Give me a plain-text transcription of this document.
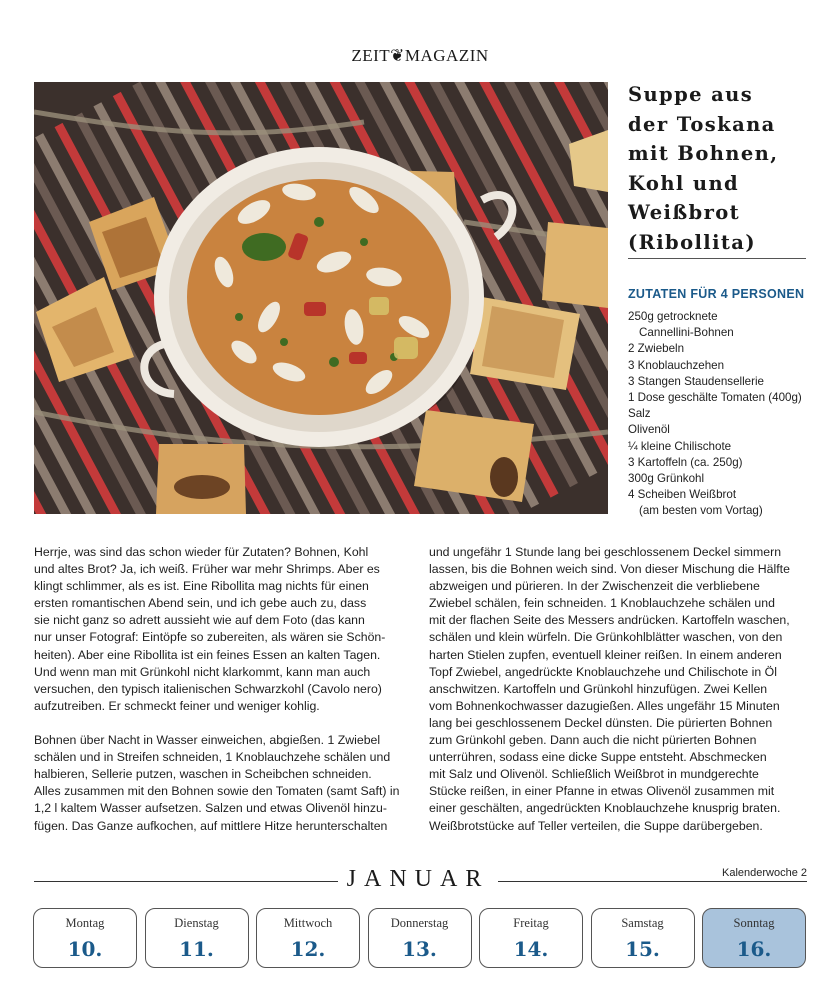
ZEIT❦MAGAZIN
Suppe aus
der Toskana
mit Bohnen,
Kohl und
Weißbrot
(Ribollita)
ZUTATEN FÜR 4 PERSONEN
250g getrocknete
Cannellini-Bohnen
2 Zwiebeln
3 Knoblauchzehen
3 Stangen Staudensellerie
1 Dose geschälte Tomaten (400g)
Salz
Olivenöl
¼ kleine Chilischote
3 Kartoffeln (ca. 250g)
300g Grünkohl
4 Scheiben Weißbrot
(am besten vom Vortag)
Herrje, was sind das schon wieder für Zutaten? Bohnen, Kohl
und altes Brot? Ja, ich weiß. Früher war mehr Shrimps. Aber es
klingt schlimmer, als es ist. Eine Ribollita mag nichts für einen
ersten romantischen Abend sein, und ich gebe auch zu, dass
sie nicht ganz so adrett aussieht wie auf dem Foto (das kann
nur unser Fotograf: Eintöpfe so zubereiten, als wären sie Schön-
heiten). Aber eine Ribollita ist ein feines Essen an kalten Tagen.
Und wenn man mit Grünkohl nicht klarkommt, kann man auch
versuchen, den typisch italienischen Schwarzkohl (Cavolo nero)
aufzutreiben. Er schmeckt feiner und weniger kohlig.
Bohnen über Nacht in Wasser einweichen, abgießen. 1 Zwiebel
schälen und in Streifen schneiden, 1 Knoblauchzehe schälen und
halbieren, Sellerie putzen, waschen in Scheibchen schneiden.
Alles zusammen mit den Bohnen sowie den Tomaten (samt Saft) in
1,2 l kaltem Wasser aufsetzen. Salzen und etwas Olivenöl hinzu-
fügen. Das Ganze aufkochen, auf mittlere Hitze herunterschalten
und ungefähr 1 Stunde lang bei geschlossenem Deckel simmern
lassen, bis die Bohnen weich sind. Von dieser Mischung die Hälfte
abzweigen und pürieren. In der Zwischenzeit die verbliebene
Zwiebel schälen, fein schneiden. 1 Knoblauchzehe schälen und
mit der flachen Seite des Messers andrücken. Kartoffeln waschen,
schälen und klein würfeln. Die Grünkohlblätter waschen, von den
harten Stielen zupfen, eventuell kleiner reißen. In einem anderen
Topf Zwiebel, angedrückte Knoblauchzehe und Chilischote in Öl
anschwitzen. Kartoffeln und Grünkohl hinzufügen. Zwei Kellen
vom Bohnenkochwasser dazugießen. Alles ungefähr 15 Minuten
lang bei geschlossenem Deckel dünsten. Die pürierten Bohnen
zum Grünkohl geben. Dann auch die nicht pürierten Bohnen
unterrühren, sodass eine dicke Suppe entsteht. Abschmecken
mit Salz und Olivenöl. Schließlich Weißbrot in mundgerechte
Stücke reißen, in einer Pfanne in etwas Olivenöl zusammen mit
einer geschälten, angedrückten Knoblauchzehe knusprig braten.
Weißbrotstücke auf Teller verteilen, die Suppe darübergeben.
JANUAR	Kalenderwoche 2
Montag
10.
Dienstag
11.
Mittwoch
12.
Donnerstag
13.
Freitag
14.
Samstag
15.
Sonntag
16.
